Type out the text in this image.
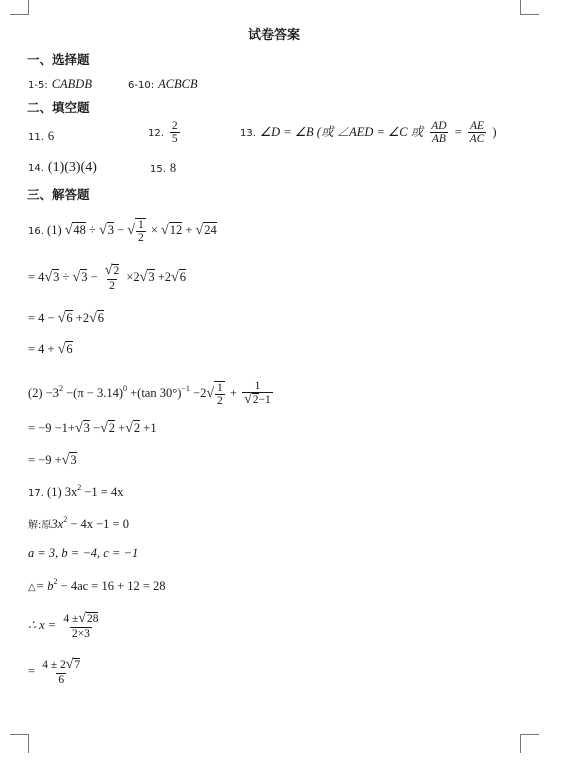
试卷答案
一、选择题
1-5: CABDB	6-10: ACBCB
二、填空题
11. 6	12. $\frac{2}{5}$	13. ∠D = ∠B (或 ∠AED = ∠C 或 $\frac{AD}{AB} = \frac{AE}{AC}$ )
14. (1)(3)(4)	15. 8
三、解答题
16. (1) √48 ÷ √3 − √ $\frac{1}{2} \times √12 + √24$
= $4√3 \div √3 - \frac{√2}{2} \times 2√3 +2√6$
= 4 − √6 +2√6
= 4 + √6
$(2) -3^2 -(\pi - 3.14)^0 +(\tan$ $30^\circ)^{-1} -2√ \frac{1}{2} + \frac{1}{√2-1}$
= −9 −1+√3 −√2 +√2 +1
= −9 +√3
17. (1) $3x^2 -1 = 4x$
解:原$3x^2 - 4x -1 = 0$
a = 3, b = −4, c = −1
△= $b^2 - 4ac = 16 + 12 = 28$
∴ $x = \frac{4 \pm√28}{2\times 3}$
= $\frac{4 \pm 2√7}{6}$
